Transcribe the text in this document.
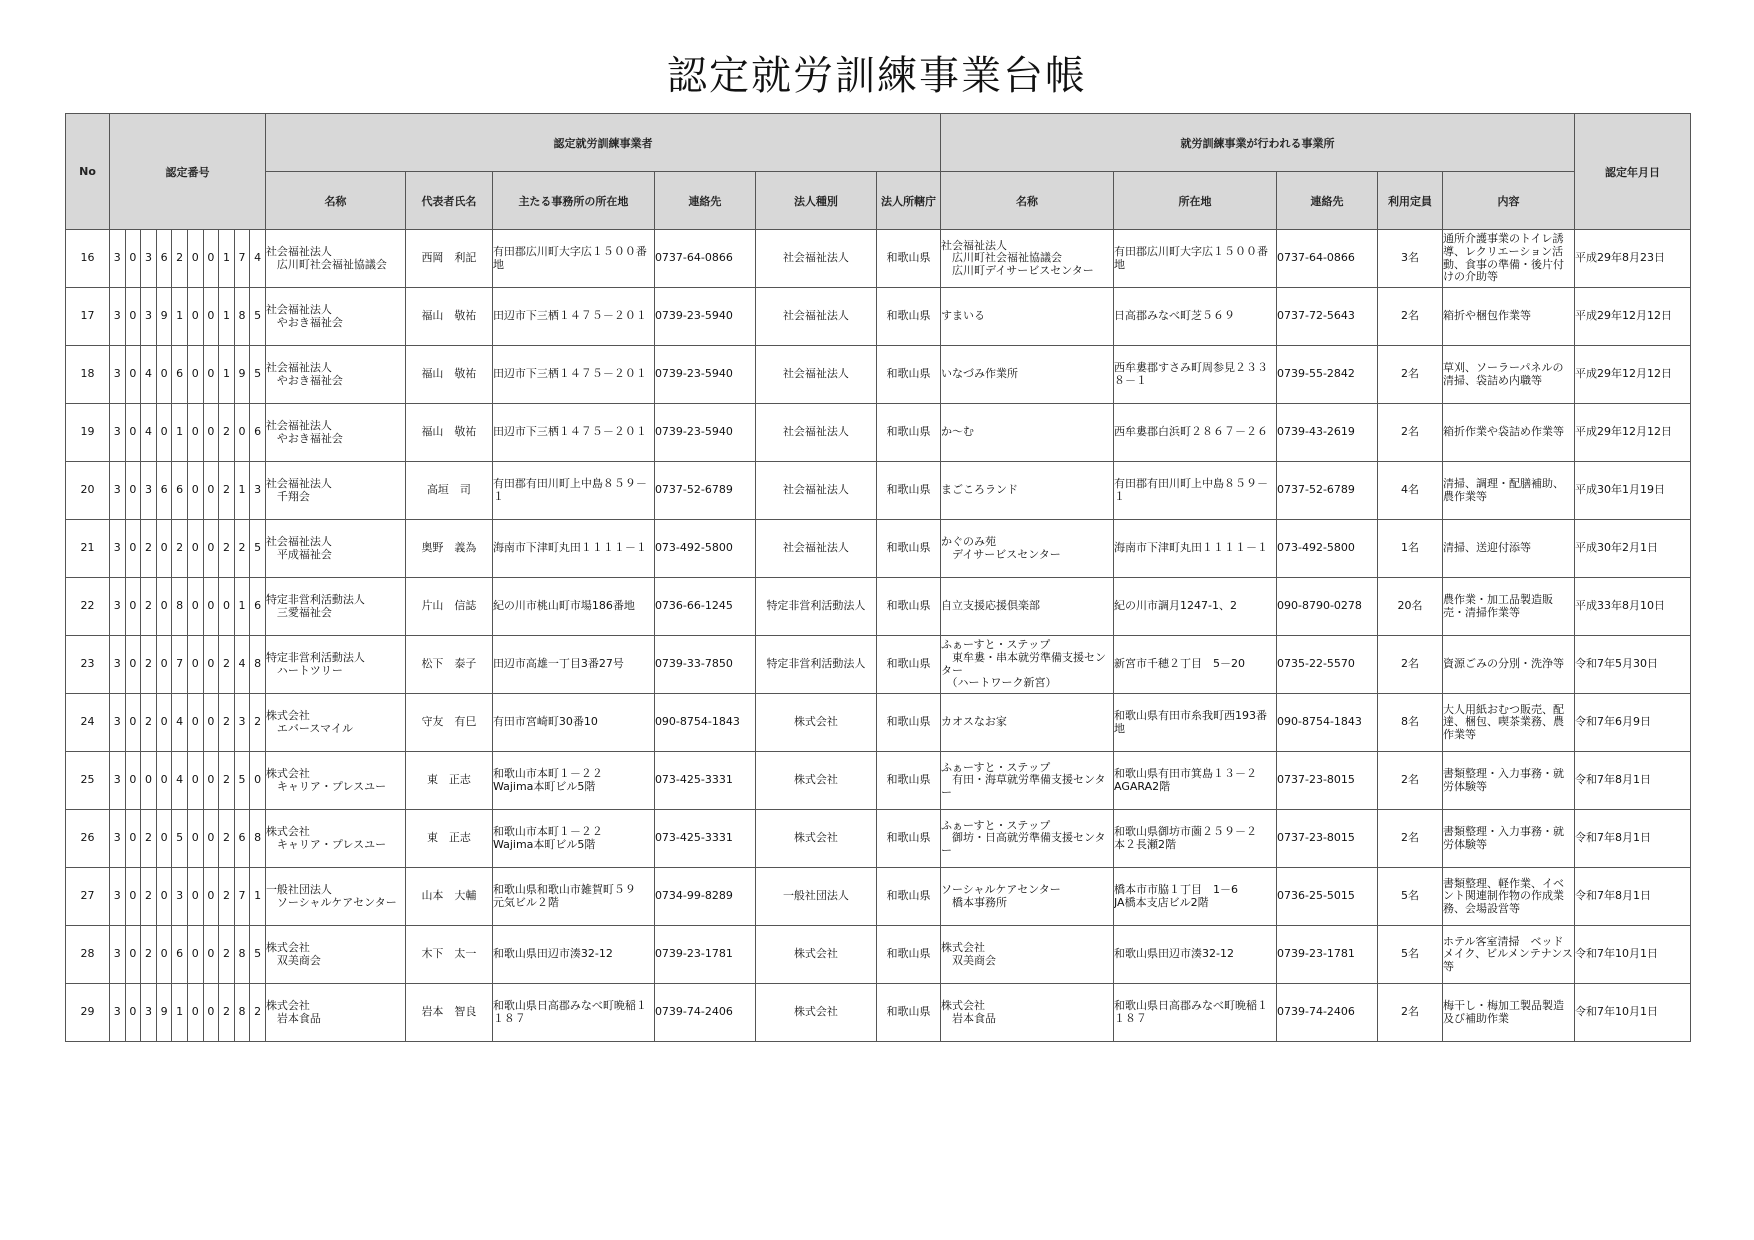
認定就労訓練事業台帳
No	認定番号										認定就労訓練事業者						就労訓練事業が行われる事業所					認定年月日
											名称	代表者氏名	主たる事務所の所在地	連絡先	法人種別	法人所轄庁	名称	所在地	連絡先	利用定員	内容	
16	3	0	3	6	2	0	0	1	7	4	社会福祉法人
　広川町社会福祉協議会	西岡　利記	有田郡広川町大字広１５００番地	0737-64-0866	社会福祉法人	和歌山県	社会福祉法人
　広川町社会福祉協議会
　広川町デイサービスセンター	有田郡広川町大字広１５００番地	0737-64-0866	3名	通所介護事業のトイレ誘導、レクリエーション活動、食事の準備・後片付けの介助等	平成29年8月23日

17	3	0	3	9	1	0	0	1	8	5	社会福祉法人
　やおき福祉会	福山　敬祐	田辺市下三栖１４７５－２０１	0739-23-5940	社会福祉法人	和歌山県	すまいる	日高郡みなべ町芝５６９	0737-72-5643	2名	箱折や梱包作業等	平成29年12月12日

18	3	0	4	0	6	0	0	1	9	5	社会福祉法人
　やおき福祉会	福山　敬祐	田辺市下三栖１４７５－２０１	0739-23-5940	社会福祉法人	和歌山県	いなづみ作業所	西牟婁郡すさみ町周参見２３３８－１	0739-55-2842	2名	草刈、ソーラーパネルの清掃、袋詰め内職等	平成29年12月12日

19	3	0	4	0	1	0	0	2	0	6	社会福祉法人
　やおき福祉会	福山　敬祐	田辺市下三栖１４７５－２０１	0739-23-5940	社会福祉法人	和歌山県	か～む	西牟婁郡白浜町２８６７－２６	0739-43-2619	2名	箱折作業や袋詰め作業等	平成29年12月12日

20	3	0	3	6	6	0	0	2	1	3	社会福祉法人
　千翔会	高垣　司	有田郡有田川町上中島８５９－１	0737-52-6789	社会福祉法人	和歌山県	まごころランド	有田郡有田川町上中島８５９－１	0737-52-6789	4名	清掃、調理・配膳補助、農作業等	平成30年1月19日

21	3	0	2	0	2	0	0	2	2	5	社会福祉法人
　平成福祉会	奥野　義為	海南市下津町丸田１１１１－１	073-492-5800	社会福祉法人	和歌山県	かぐのみ苑
　デイサービスセンター	海南市下津町丸田１１１１－１	073-492-5800	1名	清掃、送迎付添等	平成30年2月1日

22	3	0	2	0	8	0	0	0	1	6	特定非営利活動法人
　三愛福祉会	片山　信誌	紀の川市桃山町市場186番地	0736-66-1245	特定非営利活動法人	和歌山県	自立支援応援倶楽部	紀の川市調月1247-1、2	090-8790-0278	20名	農作業・加工品製造販売・清掃作業等	平成33年8月10日

23	3	0	2	0	7	0	0	2	4	8	特定非営利活動法人
　ハートツリー	松下　泰子	田辺市高雄一丁目3番27号	0739-33-7850	特定非営利活動法人	和歌山県	ふぁーすと・ステップ
　東牟婁・串本就労準備支援センター
　（ハートワーク新宮）	新宮市千穂２丁目　5－20	0735-22-5570	2名	資源ごみの分別・洗浄等	令和7年5月30日

24	3	0	2	0	4	0	0	2	3	2	株式会社
　エバースマイル	守友　有巳	有田市宮崎町30番10	090-8754-1843	株式会社	和歌山県	カオスなお家	和歌山県有田市糸我町西193番地	090-8754-1843	8名	大人用紙おむつ販売、配達、梱包、喫茶業務、農作業等	令和7年6月9日

25	3	0	0	0	4	0	0	2	5	0	株式会社
　キャリア・プレスユー	東　正志	和歌山市本町１－２２
Wajima本町ビル5階	073-425-3331	株式会社	和歌山県	ふぁーすと・ステップ
　有田・海草就労準備支援センター	和歌山県有田市箕島１３－２
AGARA2階	0737-23-8015	2名	書類整理・入力事務・就労体験等	令和7年8月1日

26	3	0	2	0	5	0	0	2	6	8	株式会社
　キャリア・プレスユー	東　正志	和歌山市本町１－２２
Wajima本町ビル5階	073-425-3331	株式会社	和歌山県	ふぁーすと・ステップ
　御坊・日高就労準備支援センター	和歌山県御坊市薗２５９－２
本２長瀬2階	0737-23-8015	2名	書類整理・入力事務・就労体験等	令和7年8月1日

27	3	0	2	0	3	0	0	2	7	1	一般社団法人
　ソーシャルケアセンター	山本　大輔	和歌山県和歌山市雑賀町５９
元気ビル２階	0734-99-8289	一般社団法人	和歌山県	ソーシャルケアセンター
　橋本事務所	橋本市市脇１丁目　1－6
JA橋本支店ビル2階	0736-25-5015	5名	書類整理、軽作業、イベント関連制作物の作成業務、会場設営等	令和7年8月1日

28	3	0	2	0	6	0	0	2	8	5	株式会社
　双美商会	木下　太一	和歌山県田辺市湊32-12	0739-23-1781	株式会社	和歌山県	株式会社
　双美商会	和歌山県田辺市湊32-12	0739-23-1781	5名	ホテル客室清掃　ベッドメイク、ビルメンテナンス等	令和7年10月1日

29	3	0	3	9	1	0	0	2	8	2	株式会社
　岩本食品	岩本　智良	和歌山県日高郡みなべ町晩稲１１８７	0739-74-2406	株式会社	和歌山県	株式会社
　岩本食品	和歌山県日高郡みなべ町晩稲１１８７	0739-74-2406	2名	梅干し・梅加工製品製造及び補助作業	令和7年10月1日
